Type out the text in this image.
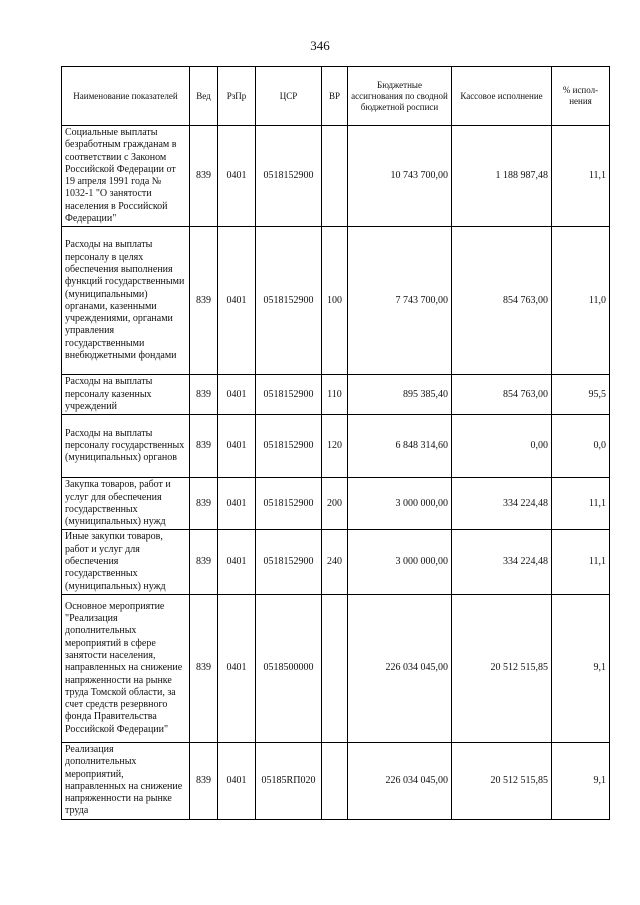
346
Наименование показателей	Вед	РзПр	ЦСР	ВР	Бюджетные ассигнования по сводной бюджетной росписи	Кассовое исполнение	% испол-нения
Социальные выплаты безработным гражданам в соответствии с Законом Российской Федерации от 19 апреля 1991 года № 1032-1 "О занятости населения в Российской Федерации"	839	0401	0518152900		10 743 700,00	1 188 987,48	11,1
Расходы на выплаты персоналу в целях обеспечения выполнения функций государственными (муниципальными) органами, казенными учреждениями, органами управления государственными внебюджетными фондами	839	0401	0518152900	100	7 743 700,00	854 763,00	11,0
Расходы на выплаты персоналу казенных учреждений	839	0401	0518152900	110	895 385,40	854 763,00	95,5
Расходы на выплаты персоналу государственных (муниципальных) органов	839	0401	0518152900	120	6 848 314,60	0,00	0,0
Закупка товаров, работ и услуг для обеспечения государственных (муниципальных) нужд	839	0401	0518152900	200	3 000 000,00	334 224,48	11,1
Иные закупки товаров, работ и услуг для обеспечения государственных (муниципальных) нужд	839	0401	0518152900	240	3 000 000,00	334 224,48	11,1
Основное мероприятие "Реализация дополнительных мероприятий в сфере занятости населения, направленных на снижение напряженности на рынке труда Томской области, за счет средств резервного фонда Правительства Российской Федерации"	839	0401	0518500000		226 034 045,00	20 512 515,85	9,1
Реализация дополнительных мероприятий, направленных на снижение напряженности на рынке труда	839	0401	05185RП020		226 034 045,00	20 512 515,85	9,1
